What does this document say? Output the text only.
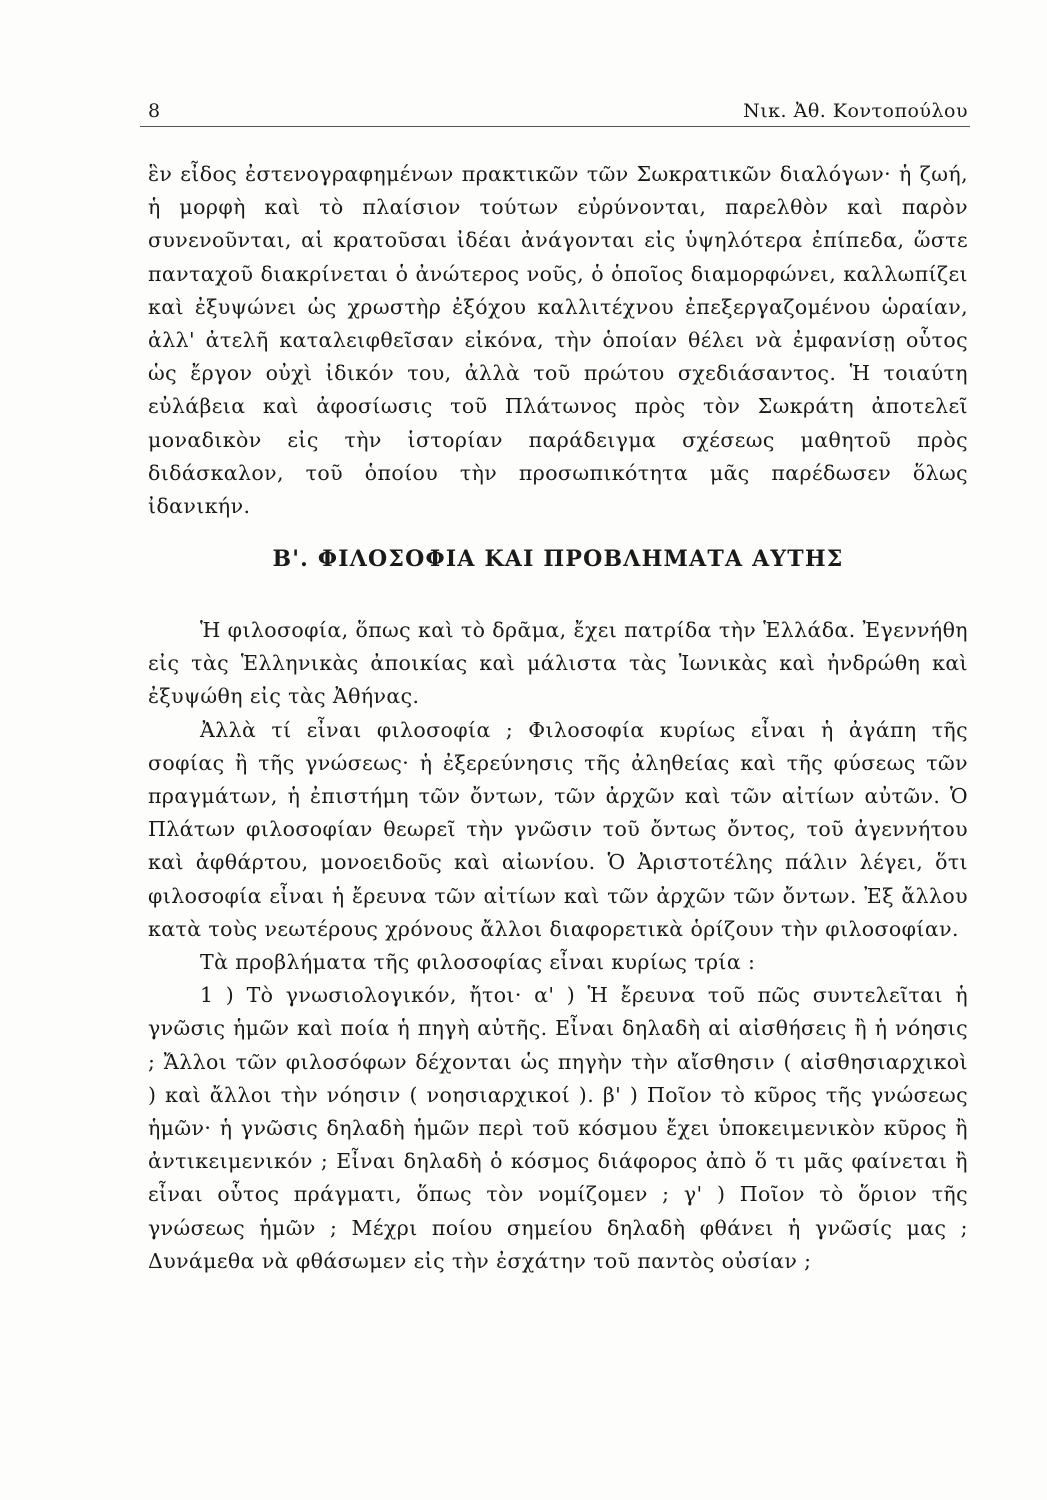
8	Νικ. Ἀθ. Κοντοπούλου

ἓν εἶδος ἐστενογραφημένων πρακτικῶν τῶν Σωκρατικῶν διαλόγων· ἡ ζωή, ἡ μορφὴ καὶ τὸ πλαίσιον τούτων εὐρύνονται, παρελθὸν καὶ παρὸν συνενοῦνται, αἱ κρατοῦσαι ἰδέαι ἀνάγονται εἰς ὑψηλότερα ἐπίπεδα, ὥστε πανταχοῦ διακρίνεται ὁ ἀνώτερος νοῦς, ὁ ὁποῖος διαμορφώνει, καλλωπίζει καὶ ἐξυψώνει ὡς χρωστὴρ ἐξόχου καλλιτέχνου ἐπεξεργαζομένου ὡραίαν, ἀλλ' ἀτελῆ καταλειφθεῖσαν εἰκόνα, τὴν ὁποίαν θέλει νὰ ἐμφανίσῃ οὗτος ὡς ἔργον οὐχὶ ἰδικόν του, ἀλλὰ τοῦ πρώτου σχεδιάσαντος. Ἡ τοιαύτη εὐλάβεια καὶ ἀφοσίωσις τοῦ Πλάτωνος πρὸς τὸν Σωκράτη ἀποτελεῖ μοναδικὸν εἰς τὴν ἱστορίαν παράδειγμα σχέσεως μαθητοῦ πρὸς διδάσκαλον, τοῦ ὁποίου τὴν προσωπικότητα μᾶς παρέδωσεν ὅλως ἰδανικήν.

Β'. ΦΙΛΟΣΟΦΙΑ ΚΑΙ ΠΡΟΒΛΗΜΑΤΑ ΑΥΤΗΣ

Ἡ φιλοσοφία, ὅπως καὶ τὸ δρᾶμα, ἔχει πατρίδα τὴν Ἑλλάδα. Ἐγεννήθη εἰς τὰς Ἑλληνικὰς ἀποικίας καὶ μάλιστα τὰς Ἰωνικὰς καὶ ἠνδρώθη καὶ ἐξυψώθη εἰς τὰς Ἀθήνας.

Ἀλλὰ τί εἶναι φιλοσοφία ; Φιλοσοφία κυρίως εἶναι ἡ ἀγάπη τῆς σοφίας ἢ τῆς γνώσεως· ἡ ἐξερεύνησις τῆς ἀληθείας καὶ τῆς φύσεως τῶν πραγμάτων, ἡ ἐπιστήμη τῶν ὄντων, τῶν ἀρχῶν καὶ τῶν αἰτίων αὐτῶν. Ὁ Πλάτων φιλοσοφίαν θεωρεῖ τὴν γνῶσιν τοῦ ὄντως ὄντος, τοῦ ἀγεννήτου καὶ ἀφθάρτου, μονοειδοῦς καὶ αἰωνίου. Ὁ Ἀριστοτέλης πάλιν λέγει, ὅτι φιλοσοφία εἶναι ἡ ἔρευνα τῶν αἰτίων καὶ τῶν ἀρχῶν τῶν ὄντων. Ἐξ ἄλλου κατὰ τοὺς νεωτέρους χρόνους ἄλλοι διαφορετικὰ ὁρίζουν τὴν φιλοσοφίαν.

Τὰ προβλήματα τῆς φιλοσοφίας εἶναι κυρίως τρία :

1 ) Τὸ γνωσιολογικόν, ἤτοι· α' ) Ἡ ἔρευνα τοῦ πῶς συντελεῖται ἡ γνῶσις ἡμῶν καὶ ποία ἡ πηγὴ αὐτῆς. Εἶναι δηλαδὴ αἱ αἰσθήσεις ἢ ἡ νόησις ; Ἄλλοι τῶν φιλοσόφων δέχονται ὡς πηγὴν τὴν αἴσθησιν ( αἰσθησιαρχικοὶ ) καὶ ἄλλοι τὴν νόησιν ( νοησιαρχικοί ). β' ) Ποῖον τὸ κῦρος τῆς γνώσεως ἡμῶν· ἡ γνῶσις δηλαδὴ ἡμῶν περὶ τοῦ κόσμου ἔχει ὑποκειμενικὸν κῦρος ἢ ἀντικειμενικόν ; Εἶναι δηλαδὴ ὁ κόσμος διάφορος ἀπὸ ὅ τι μᾶς φαίνεται ἢ εἶναι οὗτος πράγματι, ὅπως τὸν νομίζομεν ; γ' ) Ποῖον τὸ ὅριον τῆς γνώσεως ἡμῶν ; Μέχρι ποίου σημείου δηλαδὴ φθάνει ἡ γνῶσίς μας ; Δυνάμεθα νὰ φθάσωμεν εἰς τὴν ἐσχάτην τοῦ παντὸς οὐσίαν ;
